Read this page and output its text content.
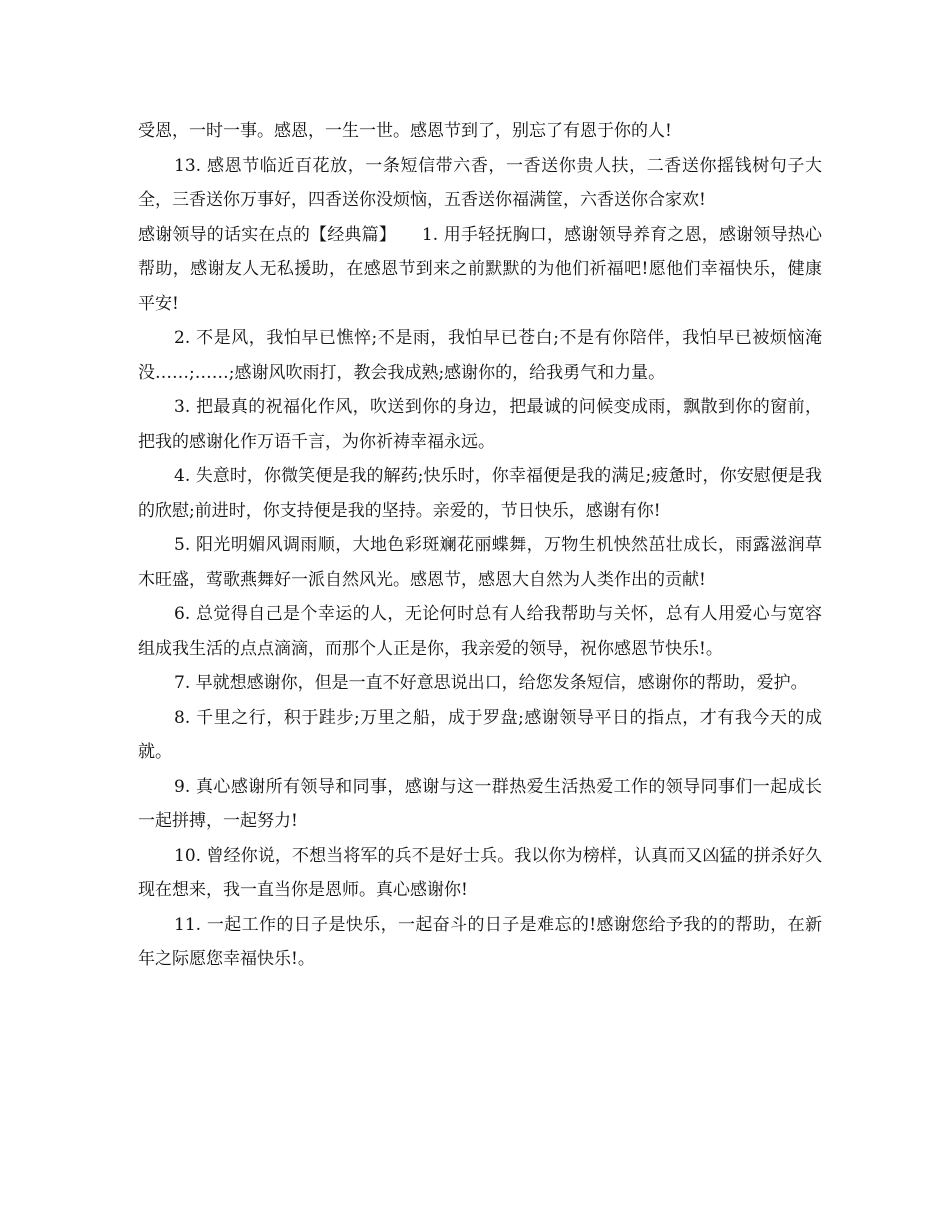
受恩，一时一事。感恩，一生一世。感恩节到了，别忘了有恩于你的人!

13. 感恩节临近百花放，一条短信带六香，一香送你贵人扶，二香送你摇钱树句子大全，三香送你万事好，四香送你没烦恼，五香送你福满筐，六香送你合家欢!

感谢领导的话实在点的【经典篇】　　1. 用手轻抚胸口，感谢领导养育之恩，感谢领导热心帮助，感谢友人无私援助，在感恩节到来之前默默的为他们祈福吧!愿他们幸福快乐，健康平安!

2. 不是风，我怕早已憔悴;不是雨，我怕早已苍白;不是有你陪伴，我怕早已被烦恼淹没……;……;感谢风吹雨打，教会我成熟;感谢你的，给我勇气和力量。

3. 把最真的祝福化作风，吹送到你的身边，把最诚的问候变成雨，飘散到你的窗前，把我的感谢化作万语千言，为你祈祷幸福永远。

4. 失意时，你微笑便是我的解药;快乐时，你幸福便是我的满足;疲惫时，你安慰便是我的欣慰;前进时，你支持便是我的坚持。亲爱的，节日快乐，感谢有你!

5. 阳光明媚风调雨顺，大地色彩斑斓花丽蝶舞，万物生机怏然茁壮成长，雨露滋润草木旺盛，莺歌燕舞好一派自然风光。感恩节，感恩大自然为人类作出的贡献!

6. 总觉得自己是个幸运的人，无论何时总有人给我帮助与关怀，总有人用爱心与宽容组成我生活的点点滴滴，而那个人正是你，我亲爱的领导，祝你感恩节快乐!。

7. 早就想感谢你，但是一直不好意思说出口，给您发条短信，感谢你的帮助，爱护。

8. 千里之行，积于跬步;万里之船，成于罗盘;感谢领导平日的指点，才有我今天的成就。

9. 真心感谢所有领导和同事，感谢与这一群热爱生活热爱工作的领导同事们一起成长一起拼搏，一起努力!

10. 曾经你说，不想当将军的兵不是好士兵。我以你为榜样，认真而又凶猛的拼杀好久现在想来，我一直当你是恩师。真心感谢你!

11. 一起工作的日子是快乐，一起奋斗的日子是难忘的!感谢您给予我的的帮助，在新年之际愿您幸福快乐!。
